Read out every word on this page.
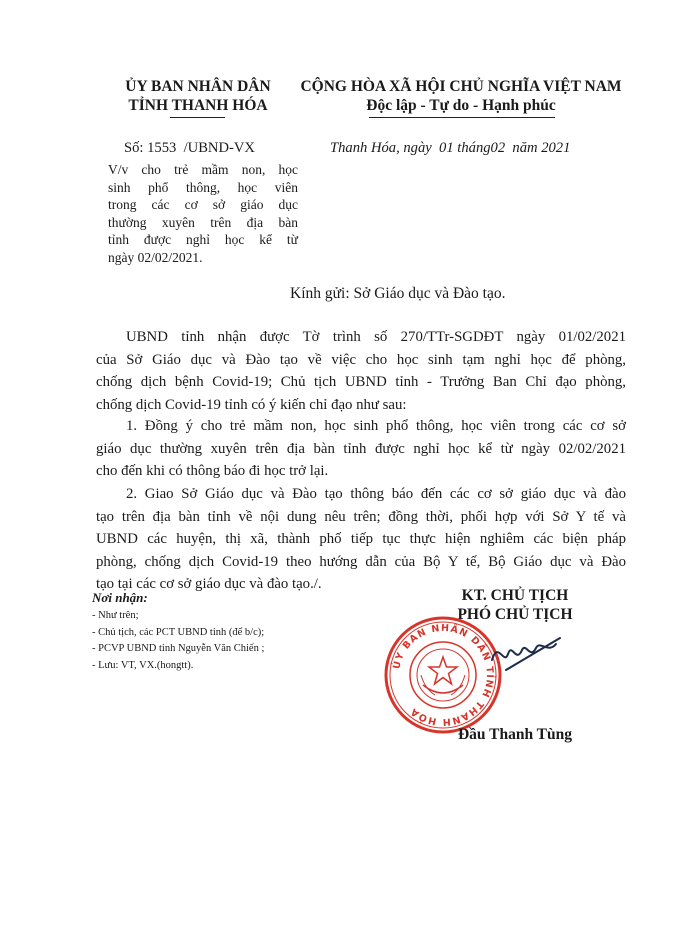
ỦY BAN NHÂN DÂN
TỈNH THANH HÓA
Số: 1553  /UBND-VX
V/v cho trẻ mầm non, học
sinh phổ thông, học viên
trong các cơ sở giáo dục
thường xuyên trên địa bàn
tỉnh được nghỉ học kể từ
ngày 02/02/2021.
CỘNG HÒA XÃ HỘI CHỦ NGHĨA VIỆT NAM
Độc lập - Tự do - Hạnh phúc
Thanh Hóa, ngày  01 tháng02  năm 2021
Kính gửi: Sở Giáo dục và Đào tạo.
UBND tỉnh nhận được Tờ trình số 270/TTr-SGDĐT ngày 01/02/2021
của Sở Giáo dục và Đào tạo về việc cho học sinh tạm nghỉ học để phòng,
chống dịch bệnh Covid-19; Chủ tịch UBND tỉnh - Trưởng Ban Chỉ đạo phòng,
chống dịch Covid-19 tỉnh có ý kiến chỉ đạo như sau:
1. Đồng ý cho trẻ mầm non, học sinh phổ thông, học viên trong các cơ sở
giáo dục thường xuyên trên địa bàn tỉnh được nghỉ học kể từ ngày 02/02/2021
cho đến khi có thông báo đi học trở lại.
2. Giao Sở Giáo dục và Đào tạo thông báo đến các cơ sở giáo dục và đào
tạo trên địa bàn tỉnh về nội dung nêu trên; đồng thời, phối hợp với Sở Y tế và
UBND các huyện, thị xã, thành phố tiếp tục thực hiện nghiêm các biện pháp
phòng, chống dịch Covid-19 theo hướng dẫn của Bộ Y tế, Bộ Giáo dục và Đào
tạo tại các cơ sở giáo dục và đào tạo./.
Nơi nhận:
- Như trên;
- Chủ tịch, các PCT UBND tỉnh (để b/c);
- PCVP UBND tỉnh Nguyễn Văn Chiến ;
- Lưu: VT, VX.(hongtt).
KT. CHỦ TỊCH
PHÓ CHỦ TỊCH
ỦY BAN NHÂN DÂN TỈNH THANH HÓA
Đầu Thanh Tùng
